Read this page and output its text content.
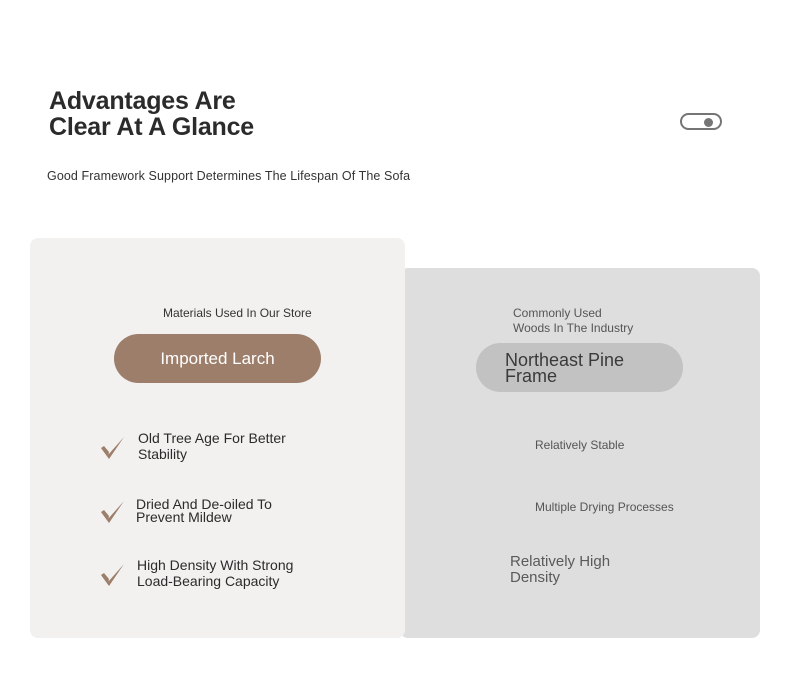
Advantages Are
Clear At A Glance
Good Framework Support Determines The Lifespan Of The Sofa
Materials Used In Our Store
Imported Larch
Old Tree Age For Better
Stability
Dried And De-oiled To
Prevent Mildew
High Density With Strong
Load-Bearing Capacity
Commonly Used
Woods In The Industry
Northeast Pine
Frame
Relatively Stable
Multiple Drying Processes
Relatively High
Density
